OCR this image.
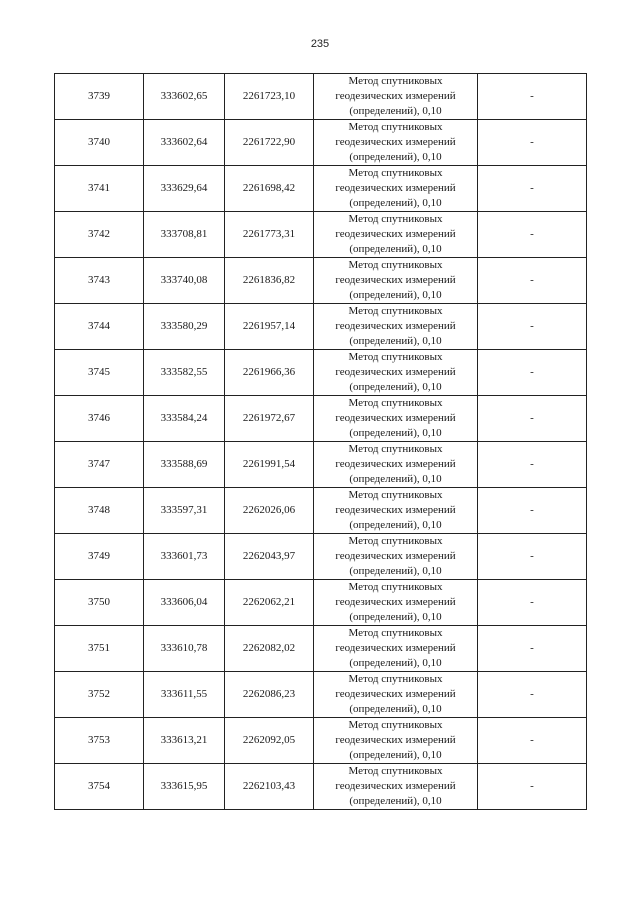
235
3739	333602,65	2261723,10	Метод спутниковых
геодезических измерений
(определений), 0,10	-
3740	333602,64	2261722,90	Метод спутниковых
геодезических измерений
(определений), 0,10	-
3741	333629,64	2261698,42	Метод спутниковых
геодезических измерений
(определений), 0,10	-
3742	333708,81	2261773,31	Метод спутниковых
геодезических измерений
(определений), 0,10	-
3743	333740,08	2261836,82	Метод спутниковых
геодезических измерений
(определений), 0,10	-
3744	333580,29	2261957,14	Метод спутниковых
геодезических измерений
(определений), 0,10	-
3745	333582,55	2261966,36	Метод спутниковых
геодезических измерений
(определений), 0,10	-
3746	333584,24	2261972,67	Метод спутниковых
геодезических измерений
(определений), 0,10	-
3747	333588,69	2261991,54	Метод спутниковых
геодезических измерений
(определений), 0,10	-
3748	333597,31	2262026,06	Метод спутниковых
геодезических измерений
(определений), 0,10	-
3749	333601,73	2262043,97	Метод спутниковых
геодезических измерений
(определений), 0,10	-
3750	333606,04	2262062,21	Метод спутниковых
геодезических измерений
(определений), 0,10	-
3751	333610,78	2262082,02	Метод спутниковых
геодезических измерений
(определений), 0,10	-
3752	333611,55	2262086,23	Метод спутниковых
геодезических измерений
(определений), 0,10	-
3753	333613,21	2262092,05	Метод спутниковых
геодезических измерений
(определений), 0,10	-
3754	333615,95	2262103,43	Метод спутниковых
геодезических измерений
(определений), 0,10	-
